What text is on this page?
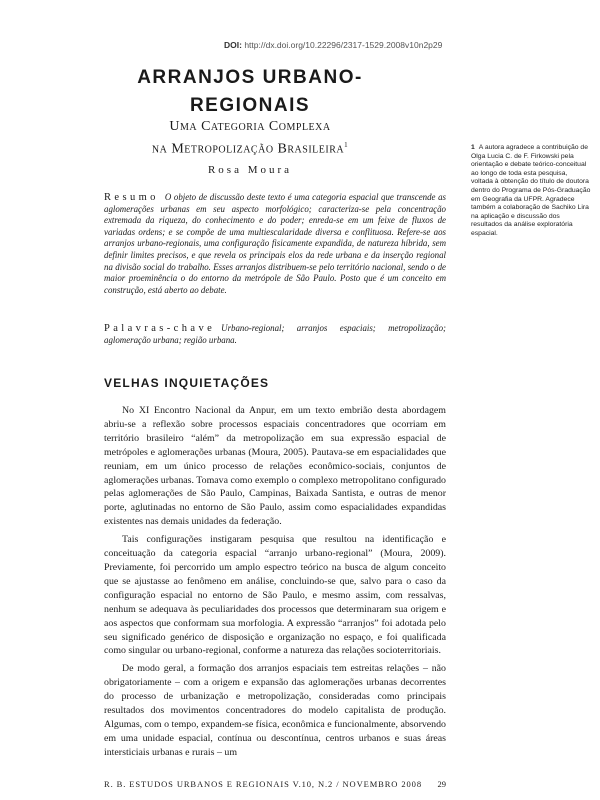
DOI: http://dx.doi.org/10.22296/2317-1529.2008v10n2p29
ARRANJOS URBANO-
REGIONAIS
Uma Categoria Complexa
na Metropolização Brasileira$^1$
Rosa Moura
1 A autora agradece a contribuição de Olga Lucia C. de F. Firkowski pela orientação e debate teórico-conceitual ao longo de toda esta pesquisa, voltada à obtenção do título de doutora dentro do Programa de Pós-Graduação em Geografia da UFPR. Agradece também a colaboração de Sachiko Lira na aplicação e discussão dos resultados da análise exploratória espacial.
Resumo O objeto de discussão deste texto é uma categoria espacial que transcende as aglomerações urbanas em seu aspecto morfológico; caracteriza-se pela concentração extremada da riqueza, do conhecimento e do poder; enreda-se em um feixe de fluxos de variadas ordens; e se compõe de uma multiescalaridade diversa e conflituosa. Refere-se aos arranjos urbano-regionais, uma configuração fisicamente expandida, de natureza híbrida, sem definir limites precisos, e que revela os principais elos da rede urbana e da inserção regional na divisão social do trabalho. Esses arranjos distribuem-se pelo território nacional, sendo o de maior proeminência o do entorno da metrópole de São Paulo. Posto que é um conceito em construção, está aberto ao debate.
Palavras-chave Urbano-regional; arranjos espaciais; metropolização; aglomeração urbana; região urbana.
VELHAS INQUIETAÇÕES

No XI Encontro Nacional da Anpur, em um texto embrião desta abordagem abriu-se a reflexão sobre processos espaciais concentradores que ocorriam em território brasileiro “além” da metropolização em sua expressão espacial de metrópoles e aglomerações urbanas (Moura, 2005). Pautava-se em espacialidades que reuniam, em um único processo de relações econômico-sociais, conjuntos de aglomerações urbanas. Tomava como exemplo o complexo metropolitano configurado pelas aglomerações de São Paulo, Campinas, Baixada Santista, e outras de menor porte, aglutinadas no entorno de São Paulo, assim como espacialidades expandidas existentes nas demais unidades da federação.

Tais configurações instigaram pesquisa que resultou na identificação e conceituação da categoria espacial “arranjo urbano-regional” (Moura, 2009). Previamente, foi percorrido um amplo espectro teórico na busca de algum conceito que se ajustasse ao fenômeno em análise, concluindo-se que, salvo para o caso da configuração espacial no entorno de São Paulo, e mesmo assim, com ressalvas, nenhum se adequava às peculiaridades dos processos que determinaram sua origem e aos aspectos que conformam sua morfologia. A expressão “arranjos” foi adotada pelo seu significado genérico de disposição e organização no espaço, e foi qualificada como singular ou urbano-regional, conforme a natureza das relações socioterritoriais.

De modo geral, a formação dos arranjos espaciais tem estreitas relações – não obrigatoriamente – com a origem e expansão das aglomerações urbanas decorrentes do processo de urbanização e metropolização, consideradas como principais resultados dos movimentos concentradores do modelo capitalista de produção. Algumas, com o tempo, expandem-se física, econômica e funcionalmente, absorvendo em uma unidade espacial, contínua ou descontínua, centros urbanos e suas áreas intersticiais urbanas e rurais – um

R. B. ESTUDOS URBANOS E REGIONAIS V.10, N.2 / NOVEMBRO 2008 29
